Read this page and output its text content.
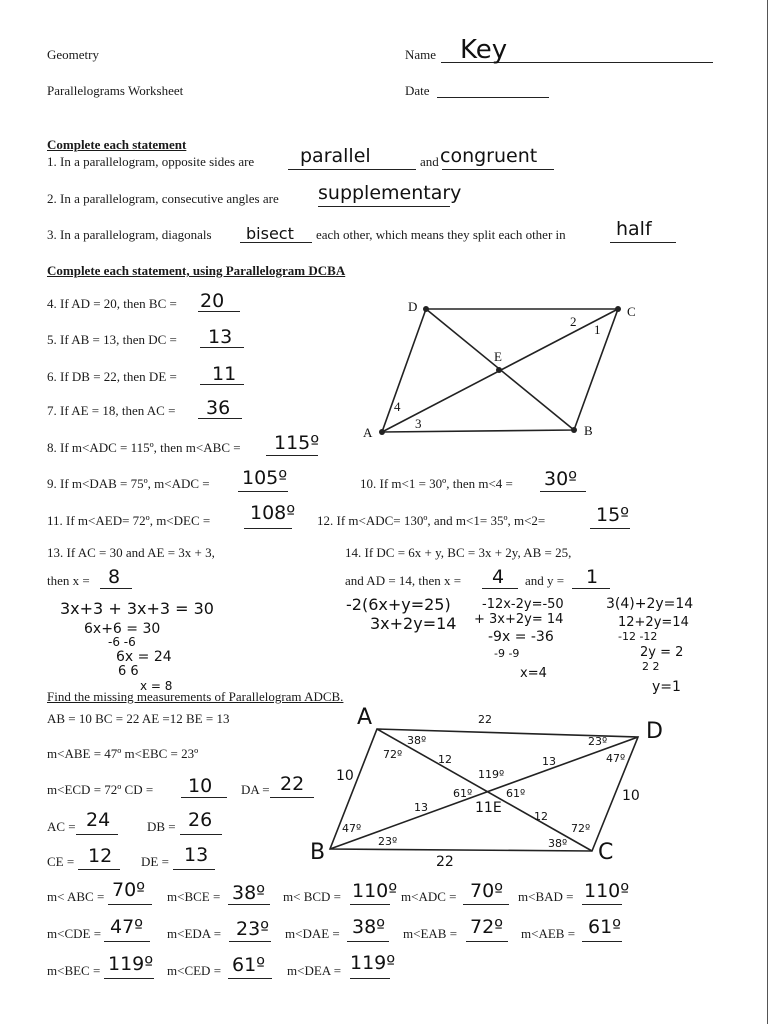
Geometry
Parallelograms Worksheet
Name Key
Date
Complete each statement
1. In a parallelogram, opposite sides are parallel	and congruent
2. In a parallelogram, consecutive angles are supplementary
3. In a parallelogram, diagonals bisect each other, which means they split each other in	half
Complete each statement, using Parallelogram DCBA
4. If AD = 20, then BC = 20
5. If AB = 13, then DC = 13
6. If DB = 22, then DE = 11
7. If AE = 18, then AC = 36
8. If m<ADC = 115º, then m<ABC = 115º
9. If m<DAB = 75º, m<ADC = 105º	10. If m<1 = 30º, then m<4 = 30º
11. If m<AED= 72º, m<DEC = 108º 12. If m<ADC= 130º, and m<1= 35º, m<2=	15º
13. If AC = 30 and AE = 3x + 3,
then x = 8
14. If DC = 6x + y, BC = 3x + 2y, AB = 25,
and AD = 14, then x = 4 and y = 1
3x+3 + 3x+3 = 30
6x+6 = 30
-6 -6
6x = 24
6 6
x = 8
-2(6x+y=25)
3x+2y=14
-12x-2y=-50
+ 3x+2y= 14
-9x = -36
-9 -9
x=4
3(4)+2y=14
12+2y=14
-12 -12
2y = 2
2 2
y=1
D	C
A	B
E
1
2
3
4
Find the missing measurements of Parallelogram ADCB.
AB = 10 BC = 22 AE =12 BE = 13
m<ABE = 47º m<EBC = 23º
m<ECD = 72º CD = 10 DA = 22
AC = 24	DB = 26
CE = 12 DE = 13
m< ABC = 70º m<BCE = 38º m< BCD = 110º m<ADC = 70º m<BAD = 110º
m<CDE = 47º m<EDA = 23º m<DAE = 38º m<EAB = 72º m<AEB = 61º
m<BEC = 119º m<CED = 61º m<DEA = 119º
A
D
B	C
22
72º
38º	23º
47º
12
119º
13
10
61º	61º
11E
13
12
10
47º
23º
72º
38º
22
